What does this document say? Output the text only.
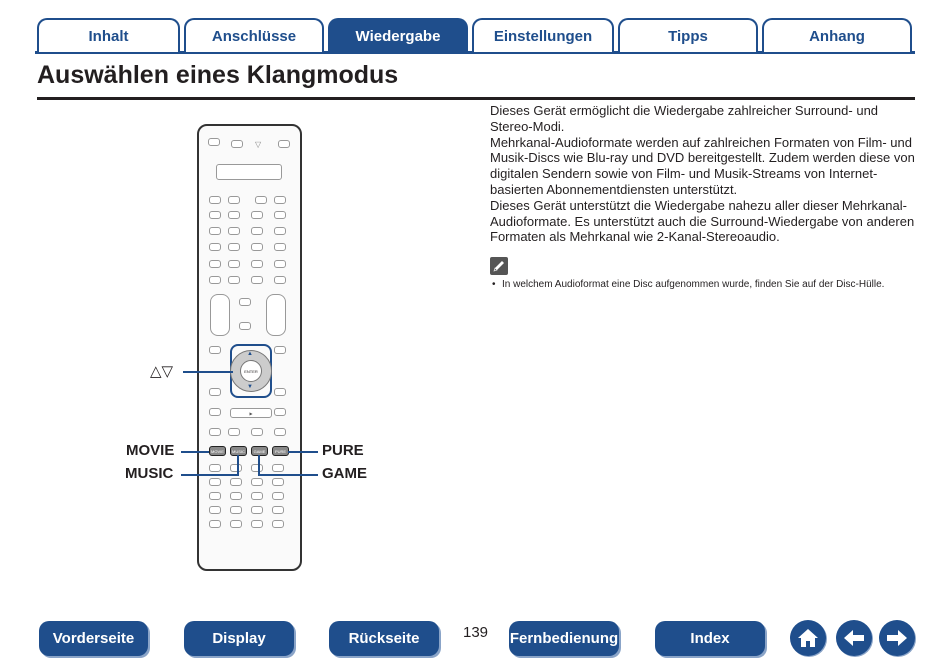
Inhalt	Anschlüsse	Wiedergabe	Einstellungen	Tipps	Anhang
Auswählen eines Klangmodus

Dieses Gerät ermöglicht die Wiedergabe zahlreicher Surround- und Stereo-Modi.

Mehrkanal-Audioformate werden auf zahlreichen Formaten von Film- und Musik-Discs wie Blu-ray und DVD bereitgestellt. Zudem werden diese von digitalen Sendern sowie von Film- und Musik-Streams von Internet-basierten Abonnementdiensten unterstützt.

Dieses Gerät unterstützt die Wiedergabe nahezu aller dieser Mehrkanal-Audioformate. Es unterstützt auch die Surround-Wiedergabe von anderen Formaten als Mehrkanal wie 2-Kanal-Stereoaudio.

• In welchem Audioformat eine Disc aufgenommen wurde, finden Sie auf der Disc-Hülle.
▽
ENTER
▲
▼
▶
MOVIE	MUSIC	GAME	PURE
△▽
MOVIE
MUSIC
PURE
GAME
Vorderseite	Display	Rückseite	139 Fernbedienung	Index
